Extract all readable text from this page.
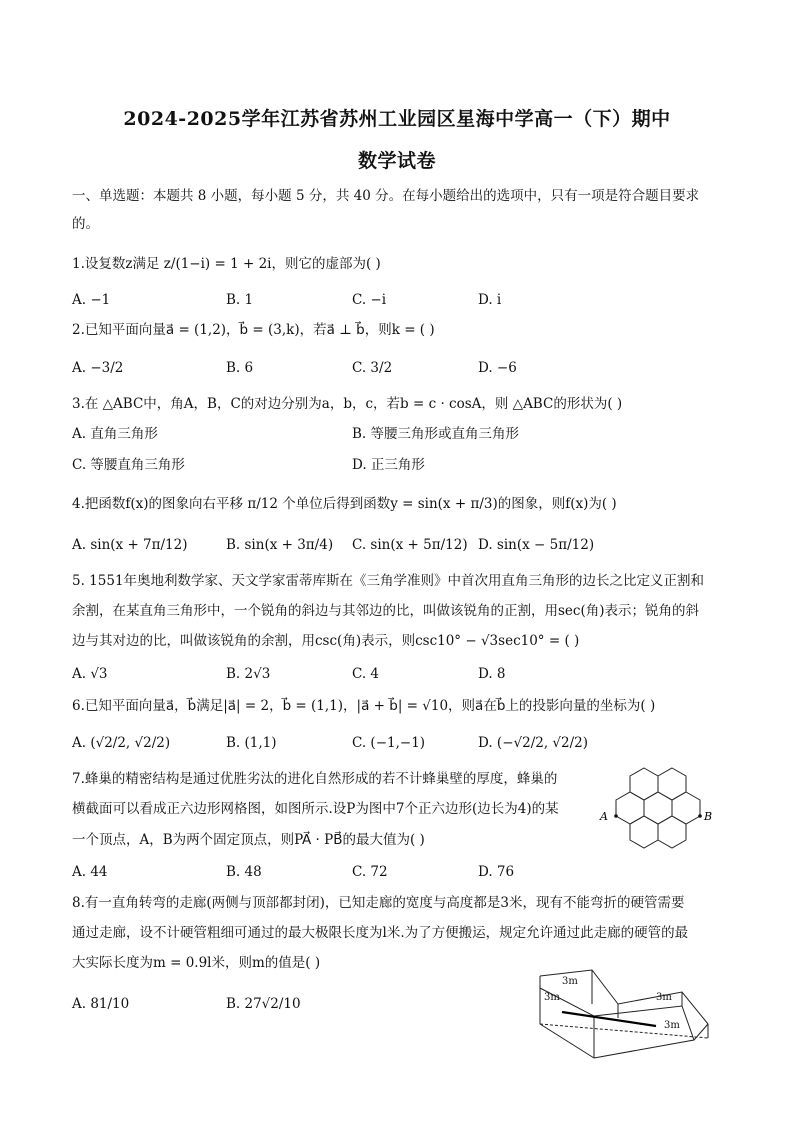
2024-2025学年江苏省苏州工业园区星海中学高一（下）期中
数学试卷
一、单选题：本题共 8 小题，每小题 5 分，共 40 分。在每小题给出的选项中，只有一项是符合题目要求
的。
1.设复数z满足 z/(1−i) = 1 + 2i，则它的虚部为( )
A. −1	B. 1	C. −i	D. i
2.已知平面向量a⃗ = (1,2)，b⃗ = (3,k)，若a⃗ ⊥ b⃗，则k = ( )
A. −3/2	B. 6	C. 3/2	D. −6
3.在 △ABC中，角A，B，C的对边分别为a，b，c，若b = c · cosA，则 △ABC的形状为( )
A. 直角三角形	B. 等腰三角形或直角三角形
C. 等腰直角三角形	D. 正三角形
4.把函数f(x)的图象向右平移 π/12 个单位后得到函数y = sin(x + π/3)的图象，则f(x)为( )
A. sin(x + 7π/12)	B. sin(x + 3π/4) C. sin(x + 5π/12) D. sin(x − 5π/12)
5. 1551年奥地利数学家、天文学家雷蒂库斯在《三角学准则》中首次用直角三角形的边长之比定义正割和
余割，在某直角三角形中，一个锐角的斜边与其邻边的比，叫做该锐角的正割，用sec(角)表示；锐角的斜
边与其对边的比，叫做该锐角的余割，用csc(角)表示，则csc10° − √3sec10° = ( )
A. √3	B. 2√3	C. 4	D. 8
6.已知平面向量a⃗，b⃗满足|a⃗| = 2，b⃗ = (1,1)，|a⃗ + b⃗| = √10，则a⃗在b⃗上的投影向量的坐标为( )
A. (√2/2, √2/2)	B. (1,1)	C. (−1,−1)	D. (−√2/2, √2/2)
7.蜂巢的精密结构是通过优胜劣汰的进化自然形成的若不计蜂巢壁的厚度，蜂巢的
横截面可以看成正六边形网格图，如图所示.设P为图中7个正六边形(边长为4)的某
一个顶点，A，B为两个固定顶点，则PA⃗ · PB⃗的最大值为( )
A. 44	B. 48	C. 72	D. 76
A	B
8.有一直角转弯的走廊(两侧与顶部都封闭)，已知走廊的宽度与高度都是3米，现有不能弯折的硬管需要
通过走廊，设不计硬管粗细可通过的最大极限长度为l米.为了方便搬运，规定允许通过此走廊的硬管的最
大实际长度为m = 0.9l米，则m的值是( )
A. 81/10	B. 27√2/10
3m
3m	3m
3m
